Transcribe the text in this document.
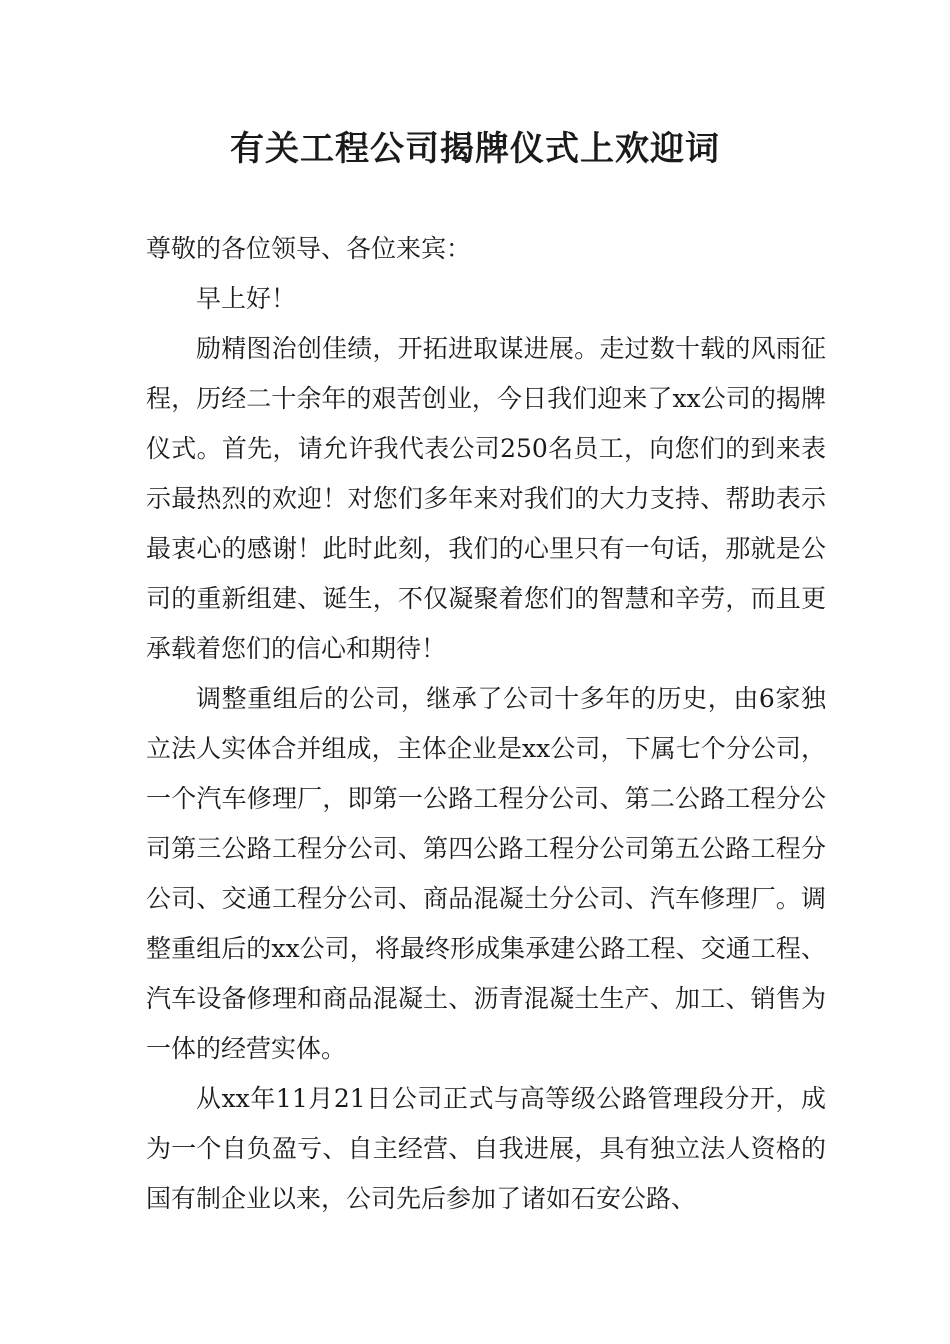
有关工程公司揭牌仪式上欢迎词

尊敬的各位领导、各位来宾：

早上好！

励精图治创佳绩，开拓进取谋进展。走过数十载的风雨征程，历经二十余年的艰苦创业，今日我们迎来了xx公司的揭牌仪式。首先，请允许我代表公司250名员工，向您们的到来表示最热烈的欢迎！对您们多年来对我们的大力支持、帮助表示最衷心的感谢！此时此刻，我们的心里只有一句话，那就是公司的重新组建、诞生，不仅凝聚着您们的智慧和辛劳，而且更承载着您们的信心和期待！

调整重组后的公司，继承了公司十多年的历史，由6家独立法人实体合并组成，主体企业是xx公司，下属七个分公司，一个汽车修理厂，即第一公路工程分公司、第二公路工程分公司第三公路工程分公司、第四公路工程分公司第五公路工程分公司、交通工程分公司、商品混凝土分公司、汽车修理厂。调整重组后的xx公司，将最终形成集承建公路工程、交通工程、汽车设备修理和商品混凝土、沥青混凝土生产、加工、销售为一体的经营实体。

从xx年11月21日公司正式与高等级公路管理段分开，成为一个自负盈亏、自主经营、自我进展，具有独立法人资格的国有制企业以来，公司先后参加了诸如石安公路、
